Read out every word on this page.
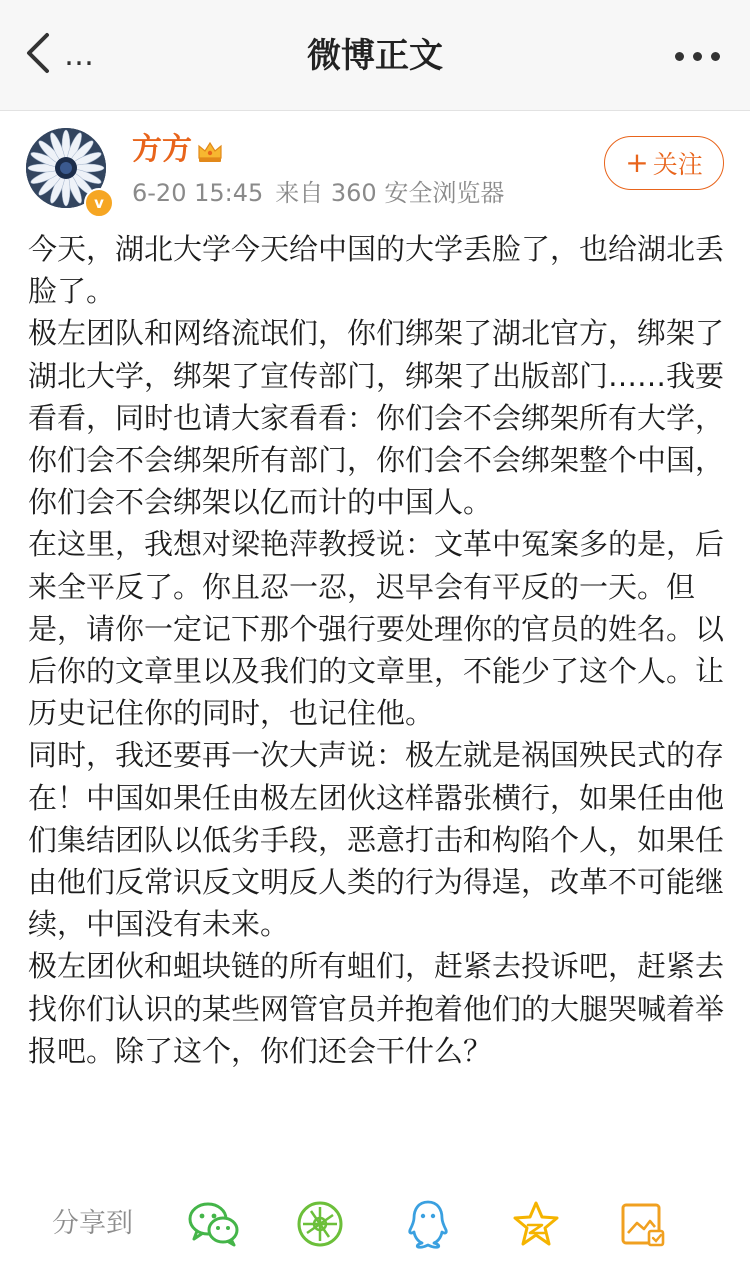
…	微博正文
v
方方
6-20 15:45 来自 360 安全浏览器
+ 关注

今天，湖北大学今天给中国的大学丢脸了，也给湖北丢脸了。

极左团队和网络流氓们，你们绑架了湖北官方，绑架了湖北大学，绑架了宣传部门，绑架了出版部门……我要看看，同时也请大家看看：你们会不会绑架所有大学，你们会不会绑架所有部门，你们会不会绑架整个中国，你们会不会绑架以亿而计的中国人。

在这里，我想对梁艳萍教授说：文革中冤案多的是，后来全平反了。你且忍一忍，迟早会有平反的一天。但是，请你一定记下那个强行要处理你的官员的姓名。以后你的文章里以及我们的文章里，不能少了这个人。让历史记住你的同时，也记住他。

同时，我还要再一次大声说：极左就是祸国殃民式的存在！中国如果任由极左团伙这样嚣张横行，如果任由他们集结团队以低劣手段，恶意打击和构陷个人，如果任由他们反常识反文明反人类的行为得逞，改革不可能继续，中国没有未来。

极左团伙和蛆块链的所有蛆们，赶紧去投诉吧，赶紧去找你们认识的某些网管官员并抱着他们的大腿哭喊着举报吧。除了这个，你们还会干什么？

分享到
